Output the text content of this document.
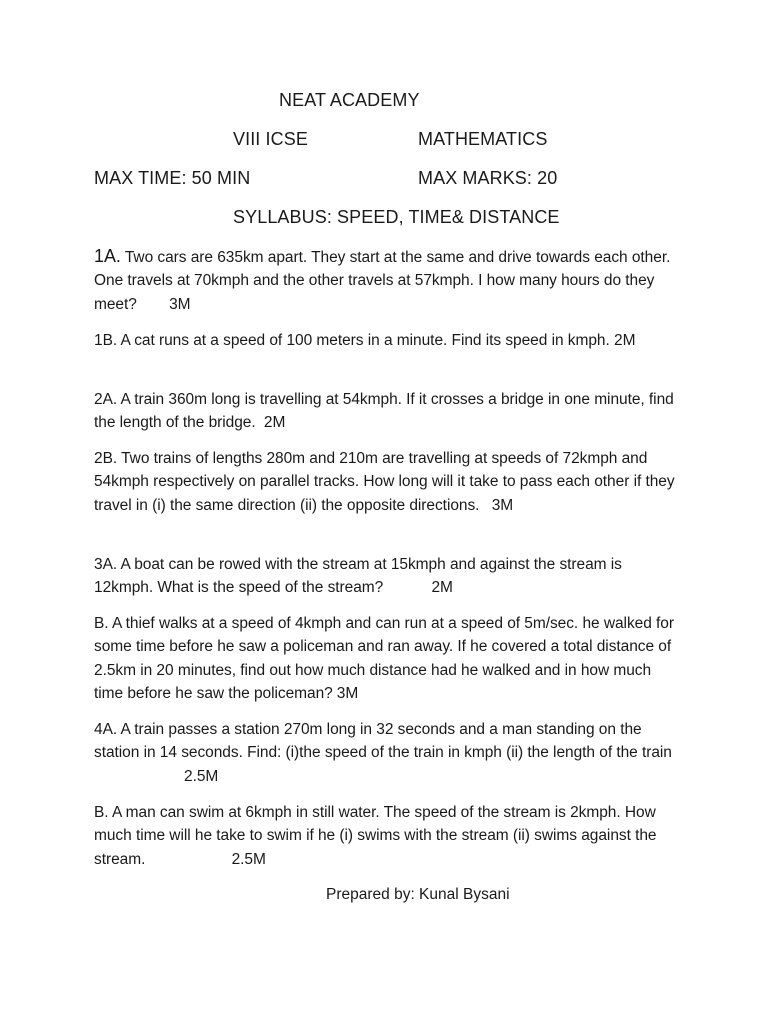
NEAT ACADEMY
VIII ICSE	MATHEMATICS
MAX TIME: 50 MIN	MAX MARKS: 20
SYLLABUS: SPEED, TIME& DISTANCE

1A. Two cars are 635km apart. They start at the same and drive towards each other. One travels at 70kmph and the other travels at 57kmph. I how many hours do they meet? 3M

1B. A cat runs at a speed of 100 meters in a minute. Find its speed in kmph. 2M

2A. A train 360m long is travelling at 54kmph. If it crosses a bridge in one minute, find the length of the bridge. 2M

2B. Two trains of lengths 280m and 210m are travelling at speeds of 72kmph and 54kmph respectively on parallel tracks. How long will it take to pass each other if they travel in (i) the same direction (ii) the opposite directions. 3M

3A. A boat can be rowed with the stream at 15kmph and against the stream is 12kmph. What is the speed of the stream?	2M

B. A thief walks at a speed of 4kmph and can run at a speed of 5m/sec. he walked for some time before he saw a policeman and ran away. If he covered a total distance of 2.5km in 20 minutes, find out how much distance had he walked and in how much time before he saw the policeman? 3M

4A. A train passes a station 270m long in 32 seconds and a man standing on the station in 14 seconds. Find: (i)the speed of the train in kmph (ii) the length of the train 2.5M

B. A man can swim at 6kmph in still water. The speed of the stream is 2kmph. How much time will he take to swim if he (i) swims with the stream (ii) swims against the stream.	2.5M

Prepared by: Kunal Bysani
